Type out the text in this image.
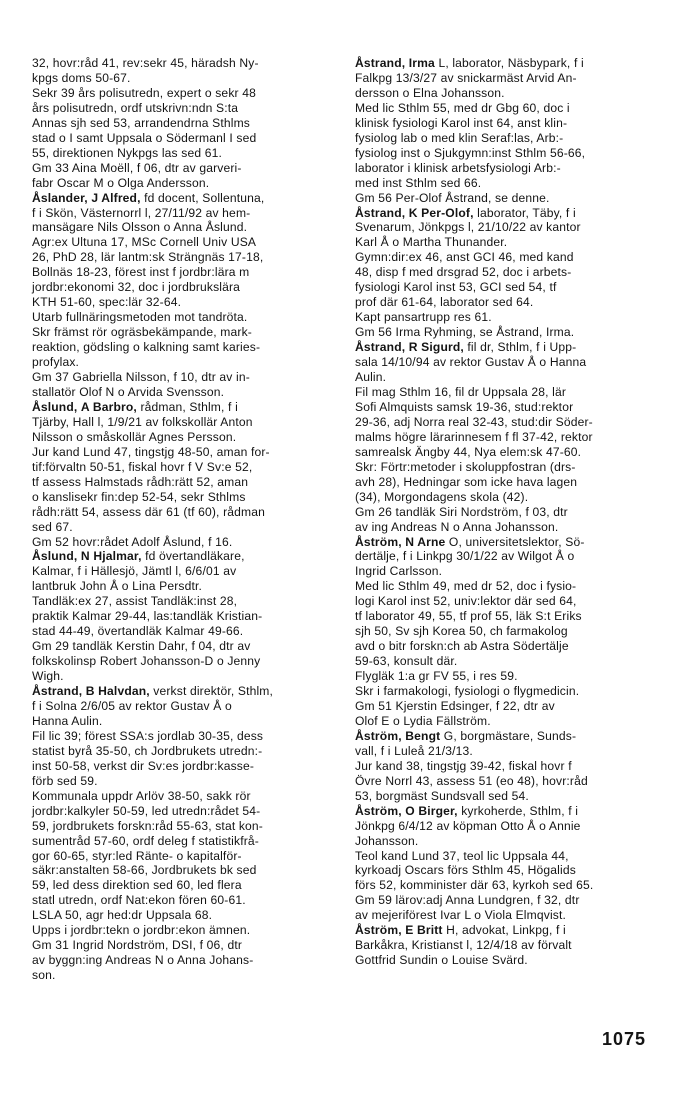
32, hovr:råd 41, rev:sekr 45, häradsh Ny-
kpgs doms 50-67.

Sekr 39 års polisutredn, expert o sekr 48
års polisutredn, ordf utskrivn:ndn S:ta
Annas sjh sed 53, arrandendrna Sthlms
stad o I samt Uppsala o Södermanl I sed
55, direktionen Nykpgs las sed 61.

Gm 33 Aina Moëll, f 06, dtr av garveri-
fabr Oscar M o Olga Andersson.

Åslander, J Alfred, fd docent, Sollentuna,
f i Skön, Västernorrl l, 27/11/92 av hem-
mansägare Nils Olsson o Anna Åslund.

Agr:ex Ultuna 17, MSc Cornell Univ USA
26, PhD 28, lär lantm:sk Strängnäs 17-18,
Bollnäs 18-23, förest inst f jordbr:lära m
jordbr:ekonomi 32, doc i jordbrukslära
KTH 51-60, spec:lär 32-64.

Utarb fullnäringsmetoden mot tandröta.
Skr främst rör ogräsbekämpande, mark-
reaktion, gödsling o kalkning samt karies-
profylax.

Gm 37 Gabriella Nilsson, f 10, dtr av in-
stallatör Olof N o Arvida Svensson.

Åslund, A Barbro, rådman, Sthlm, f i
Tjärby, Hall l, 1/9/21 av folkskollär Anton
Nilsson o småskollär Agnes Persson.

Jur kand Lund 47, tingstjg 48-50, aman for-
tif:förvaltn 50-51, fiskal hovr f V Sv:e 52,
tf assess Halmstads rådh:rätt 52, aman
o kanslisekr fin:dep 52-54, sekr Sthlms
rådh:rätt 54, assess där 61 (tf 60), rådman
sed 67.

Gm 52 hovr:rådet Adolf Åslund, f 16.

Åslund, N Hjalmar, fd övertandläkare,
Kalmar, f i Hällesjö, Jämtl l, 6/6/01 av
lantbruk John Å o Lina Persdtr.

Tandläk:ex 27, assist Tandläk:inst 28,
praktik Kalmar 29-44, las:tandläk Kristian-
stad 44-49, övertandläk Kalmar 49-66.

Gm 29 tandläk Kerstin Dahr, f 04, dtr av
folkskolinsp Robert Johansson-D o Jenny
Wigh.

Åstrand, B Halvdan, verkst direktör, Sthlm,
f i Solna 2/6/05 av rektor Gustav Å o
Hanna Aulin.

Fil lic 39; förest SSA:s jordlab 30-35, dess
statist byrå 35-50, ch Jordbrukets utredn:-
inst 50-58, verkst dir Sv:es jordbr:kasse-
förb sed 59.

Kommunala uppdr Arlöv 38-50, sakk rör
jordbr:kalkyler 50-59, led utredn:rådet 54-
59, jordbrukets forskn:råd 55-63, stat kon-
sumentråd 57-60, ordf deleg f statistikfrå-
gor 60-65, styr:led Ränte- o kapitalför-
säkr:anstalten 58-66, Jordbrukets bk sed
59, led dess direktion sed 60, led flera
statl utredn, ordf Nat:ekon fören 60-61.

LSLA 50, agr hed:dr Uppsala 68.

Upps i jordbr:tekn o jordbr:ekon ämnen.

Gm 31 Ingrid Nordström, DSI, f 06, dtr
av byggn:ing Andreas N o Anna Johans-
son.

Åstrand, Irma L, laborator, Näsbypark, f i
Falkpg 13/3/27 av snickarmäst Arvid An-
dersson o Elna Johansson.

Med lic Sthlm 55, med dr Gbg 60, doc i
klinisk fysiologi Karol inst 64, anst klin-
fysiolog lab o med klin Seraf:las, Arb:-
fysiolog inst o Sjukgymn:inst Sthlm 56-66,
laborator i klinisk arbetsfysiologi Arb:-
med inst Sthlm sed 66.

Gm 56 Per-Olof Åstrand, se denne.

Åstrand, K Per-Olof, laborator, Täby, f i
Svenarum, Jönkpgs l, 21/10/22 av kantor
Karl Å o Martha Thunander.

Gymn:dir:ex 46, anst GCI 46, med kand
48, disp f med drsgrad 52, doc i arbets-
fysiologi Karol inst 53, GCI sed 54, tf
prof där 61-64, laborator sed 64.

Kapt pansartrupp res 61.

Gm 56 Irma Ryhming, se Åstrand, Irma.

Åstrand, R Sigurd, fil dr, Sthlm, f i Upp-
sala 14/10/94 av rektor Gustav Å o Hanna
Aulin.

Fil mag Sthlm 16, fil dr Uppsala 28, lär
Sofi Almquists samsk 19-36, stud:rektor
29-36, adj Norra real 32-43, stud:dir Söder-
malms högre lärarinnesem f fl 37-42, rektor
samrealsk Ängby 44, Nya elem:sk 47-60.

Skr: Förtr:metoder i skoluppfostran (drs-
avh 28), Hedningar som icke hava lagen
(34), Morgondagens skola (42).

Gm 26 tandläk Siri Nordström, f 03, dtr
av ing Andreas N o Anna Johansson.

Åström, N Arne O, universitetslektor, Sö-
dertälje, f i Linkpg 30/1/22 av Wilgot Å o
Ingrid Carlsson.

Med lic Sthlm 49, med dr 52, doc i fysio-
logi Karol inst 52, univ:lektor där sed 64,
tf laborator 49, 55, tf prof 55, läk S:t Eriks
sjh 50, Sv sjh Korea 50, ch farmakolog
avd o bitr forskn:ch ab Astra Södertälje
59-63, konsult där.

Flygläk 1:a gr FV 55, i res 59.

Skr i farmakologi, fysiologi o flygmedicin.

Gm 51 Kjerstin Edsinger, f 22, dtr av
Olof E o Lydia Fällström.

Åström, Bengt G, borgmästare, Sunds-
vall, f i Luleå 21/3/13.

Jur kand 38, tingstjg 39-42, fiskal hovr f
Övre Norrl 43, assess 51 (eo 48), hovr:råd
53, borgmäst Sundsvall sed 54.

Åström, O Birger, kyrkoherde, Sthlm, f i
Jönkpg 6/4/12 av köpman Otto Å o Annie
Johansson.

Teol kand Lund 37, teol lic Uppsala 44,
kyrkoadj Oscars förs Sthlm 45, Högalids
förs 52, komminister där 63, kyrkoh sed 65.

Gm 59 lärov:adj Anna Lundgren, f 32, dtr
av mejeriförest Ivar L o Viola Elmqvist.

Åström, E Britt H, advokat, Linkpg, f i
Barkåkra, Kristianst l, 12/4/18 av förvalt
Gottfrid Sundin o Louise Svärd.

1075
